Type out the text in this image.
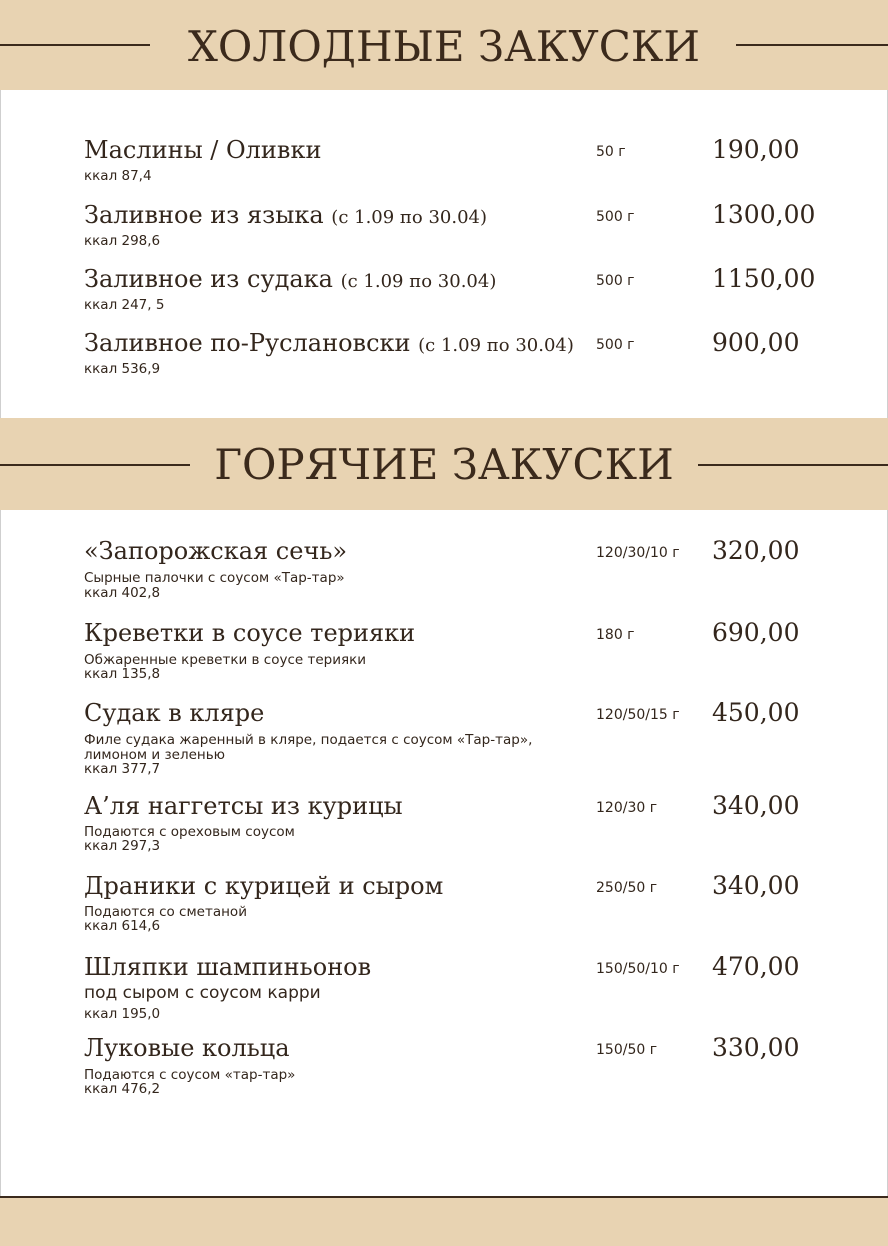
ХОЛОДНЫЕ ЗАКУСКИ
Маслины / Оливки	50 г	190,00
ккал 87,4
Заливное из языка (с 1.09 по 30.04)	500 г	1300,00
ккал 298,6
Заливное из судака (с 1.09 по 30.04)	500 г	1150,00
ккал 247, 5
Заливное по-Руслановски (с 1.09 по 30.04) 500 г	900,00
ккал 536,9
ГОРЯЧИЕ ЗАКУСКИ
«Запорожская сечь»	120/30/10 г 320,00
Сырные палочки с соусом «Тар-тар»
ккал 402,8
Креветки в соусе терияки	180 г	690,00
Обжаренные креветки в соусе терияки
ккал 135,8
Судак в кляре	120/50/15 г 450,00
Филе судака жаренный в кляре, подается с соусом «Тар-тар», лимоном и зеленью
ккал 377,7
А’ля наггетсы из курицы	120/30 г 340,00
Подаются с ореховым соусом
ккал 297,3
Драники с курицей и сыром	250/50 г 340,00
Подаются со сметаной
ккал 614,6
Шляпки шампиньонов	150/50/10 г 470,00
под сыром с соусом карри
ккал 195,0
Луковые кольца	150/50 г 330,00
Подаются с соусом «тар-тар»
ккал 476,2
